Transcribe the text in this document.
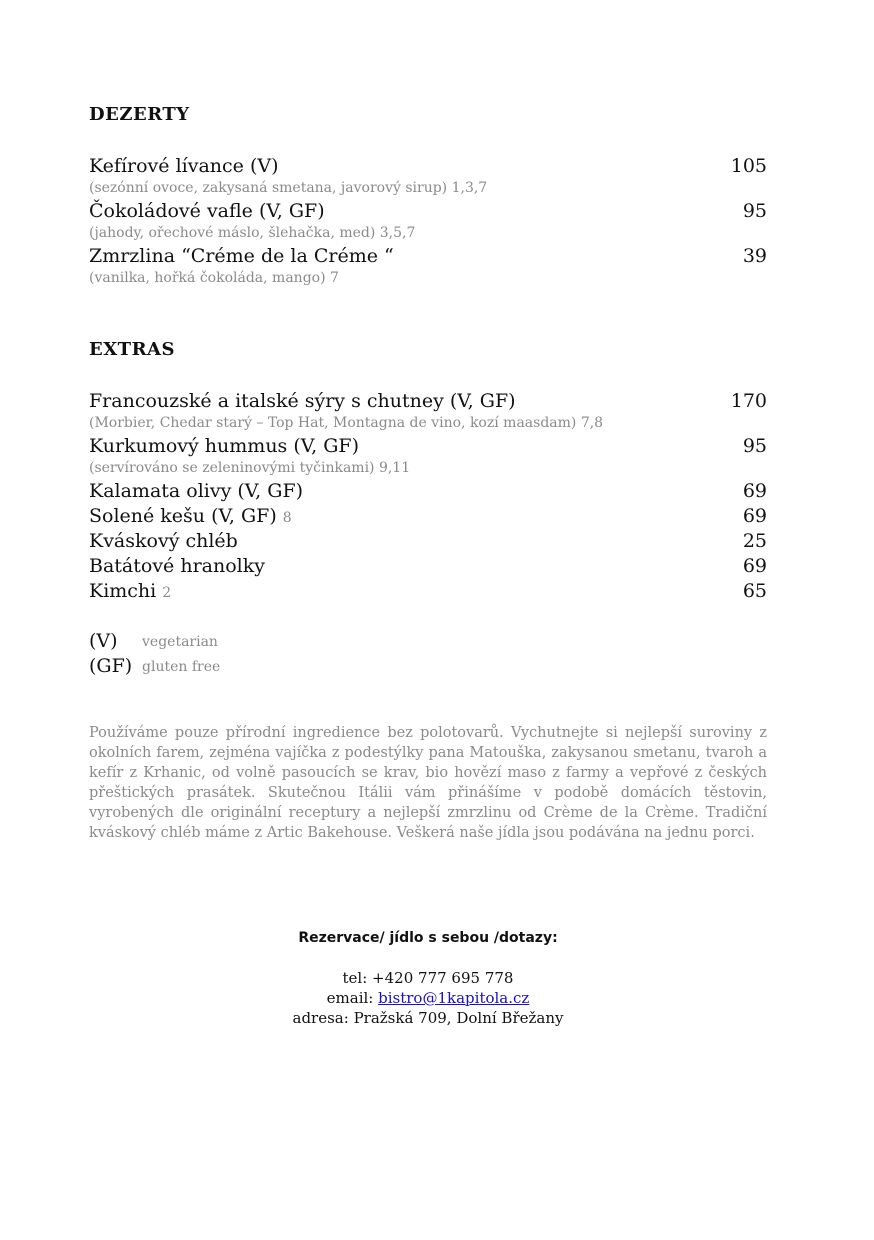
DEZERTY
Kefírové lívance (V)	105
(sezónní ovoce, zakysaná smetana, javorový sirup) 1,3,7
Čokoládové vafle (V, GF)	95
(jahody, ořechové máslo, šlehačka, med) 3,5,7
Zmrzlina “Créme de la Créme “	39
(vanilka, hořká čokoláda, mango) 7
EXTRAS
Francouzské a italské sýry s chutney (V, GF)	170
(Morbier, Chedar starý – Top Hat, Montagna de vino, kozí maasdam) 7,8
Kurkumový hummus (V, GF)	95
(servírováno se zeleninovými tyčinkami) 9,11
Kalamata olivy (V, GF)	69
Solené kešu (V, GF) 8	69
Kváskový chléb	25
Batátové hranolky	69
Kimchi 2	65
(V) vegetarian
(GF) gluten free
Používáme pouze přírodní ingredience bez polotovarů. Vychutnejte si nejlepší suroviny z okolních farem, zejména vajíčka z podestýlky pana Matouška, zakysanou smetanu, tvaroh a kefír z Krhanic, od volně pasoucích se krav, bio hovězí maso z farmy a vepřové z českých přeštických prasátek. Skutečnou Itálii vám přinášíme v podobě domácích těstovin, vyrobených dle originální receptury a nejlepší zmrzlinu od Crème de la Crème. Tradiční kváskový chléb máme z Artic Bakehouse. Veškerá naše jídla jsou podávána na jednu porci.
Rezervace/ jídlo s sebou /dotazy:
tel: +420 777 695 778
email: bistro@1kapitola.cz
adresa: Pražská 709, Dolní Břežany
